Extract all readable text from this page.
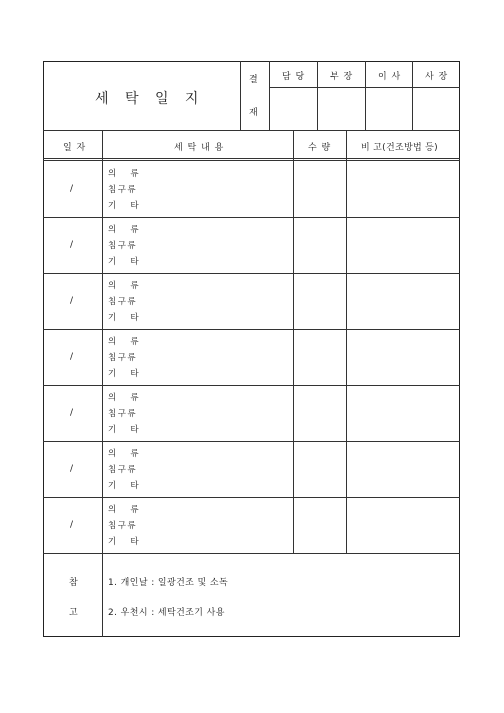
세 탁 일 지
결
재
담 당	부 장	이 사	사 장
일 자	세 탁 내 용	수 량	비 고(건조방법 등)
/
의   류
침구류
기   타
/
의   류
침구류
기   타
/
의   류
침구류
기   타
/
의   류
침구류
기   타
/
의   류
침구류
기   타
/
의   류
침구류
기   타
/
의   류
침구류
기   타
참
고
1. 개인날 : 일광건조 및 소독
2. 우천시 : 세탁건조기 사용
